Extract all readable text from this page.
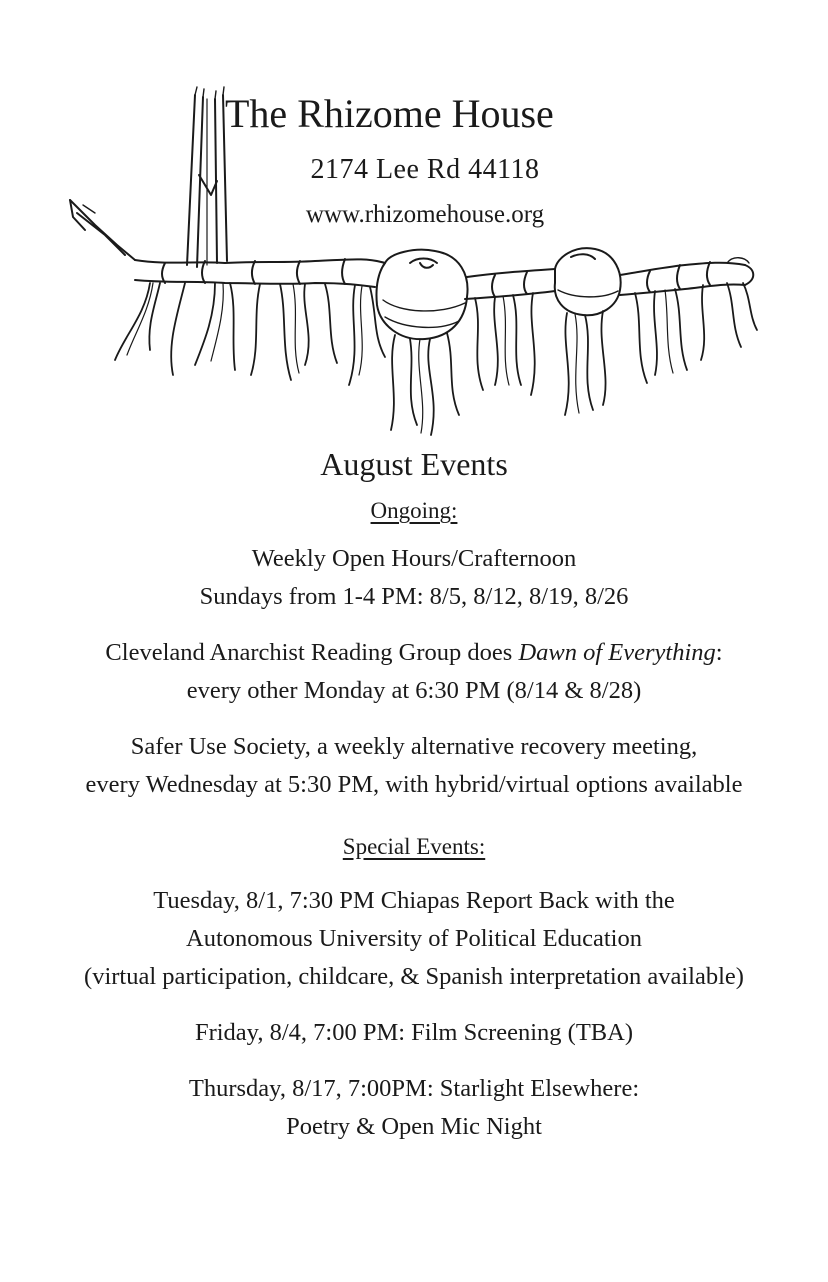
The Rhizome House
2174 Lee Rd 44118
www.rhizomehouse.org
August Events
Ongoing:
Weekly Open Hours/Crafternoon
Sundays from 1-4 PM: 8/5, 8/12, 8/19, 8/26
Cleveland Anarchist Reading Group does Dawn of Everything:
every other Monday at 6:30 PM (8/14 & 8/28)
Safer Use Society, a weekly alternative recovery meeting,
every Wednesday at 5:30 PM, with hybrid/virtual options available
Special Events:
Tuesday, 8/1, 7:30 PM Chiapas Report Back with the
Autonomous University of Political Education
(virtual participation, childcare, & Spanish interpretation available)
Friday, 8/4, 7:00 PM: Film Screening (TBA)
Thursday, 8/17, 7:00PM: Starlight Elsewhere:
Poetry & Open Mic Night
